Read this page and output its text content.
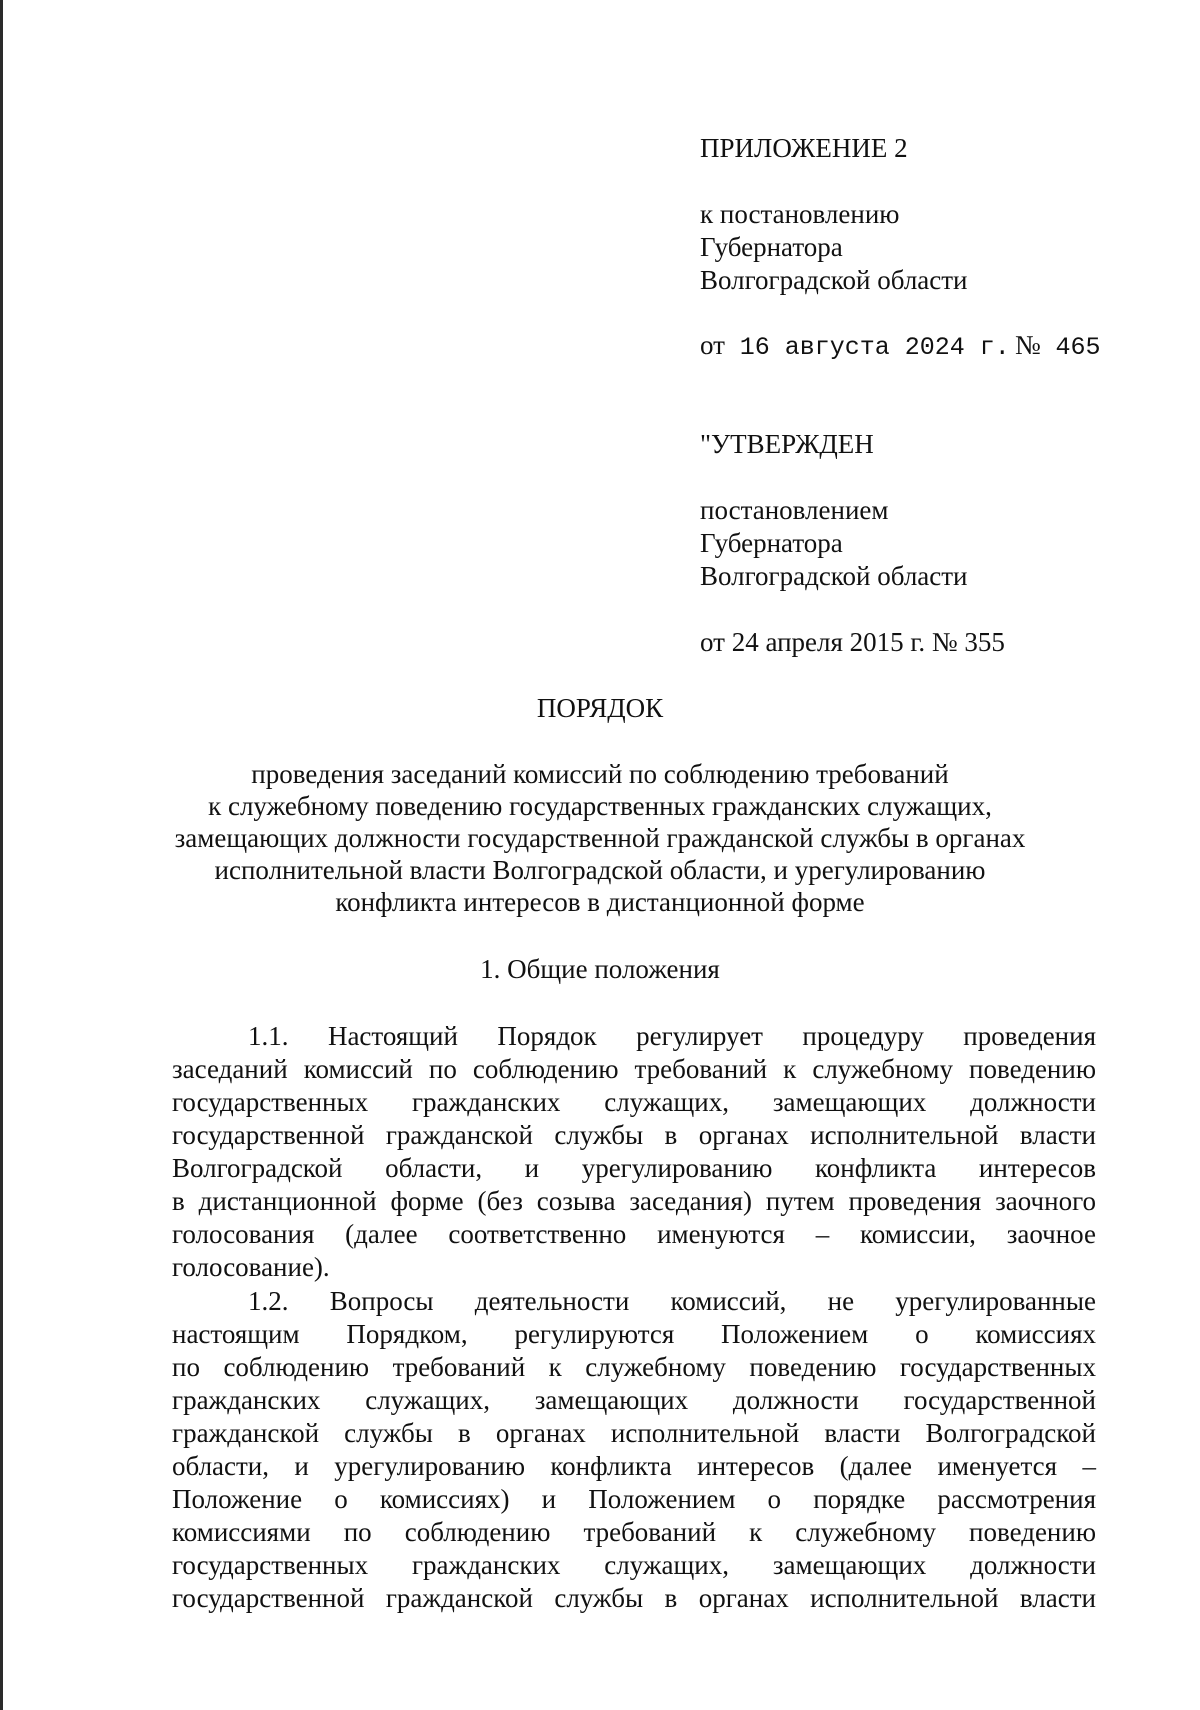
ПРИЛОЖЕНИЕ 2
к постановлению
Губернатора
Волгоградской области
от 16 августа 2024 г. № 465
"УТВЕРЖДЕН
постановлением
Губернатора
Волгоградской области
от 24 апреля 2015 г. № 355
ПОРЯДОК
проведения заседаний комиссий по соблюдению требований
к служебному поведению государственных гражданских служащих,
замещающих должности государственной гражданской службы в органах
исполнительной власти Волгоградской области, и урегулированию
конфликта интересов в дистанционной форме
1. Общие положения
1.1. Настоящий Порядок регулирует процедуру проведения
заседаний комиссий по соблюдению требований к служебному поведению
государственных гражданских служащих, замещающих должности
государственной гражданской службы в органах исполнительной власти
Волгоградской области, и урегулированию конфликта интересов
в дистанционной форме (без созыва заседания) путем проведения заочного
голосования (далее соответственно именуются – комиссии, заочное
голосование).
1.2. Вопросы деятельности комиссий, не урегулированные
настоящим Порядком, регулируются Положением о комиссиях
по соблюдению требований к служебному поведению государственных
гражданских служащих, замещающих должности государственной
гражданской службы в органах исполнительной власти Волгоградской
области, и урегулированию конфликта интересов (далее именуется –
Положение о комиссиях) и Положением о порядке рассмотрения
комиссиями по соблюдению требований к служебному поведению
государственных гражданских служащих, замещающих должности
государственной гражданской службы в органах исполнительной власти
